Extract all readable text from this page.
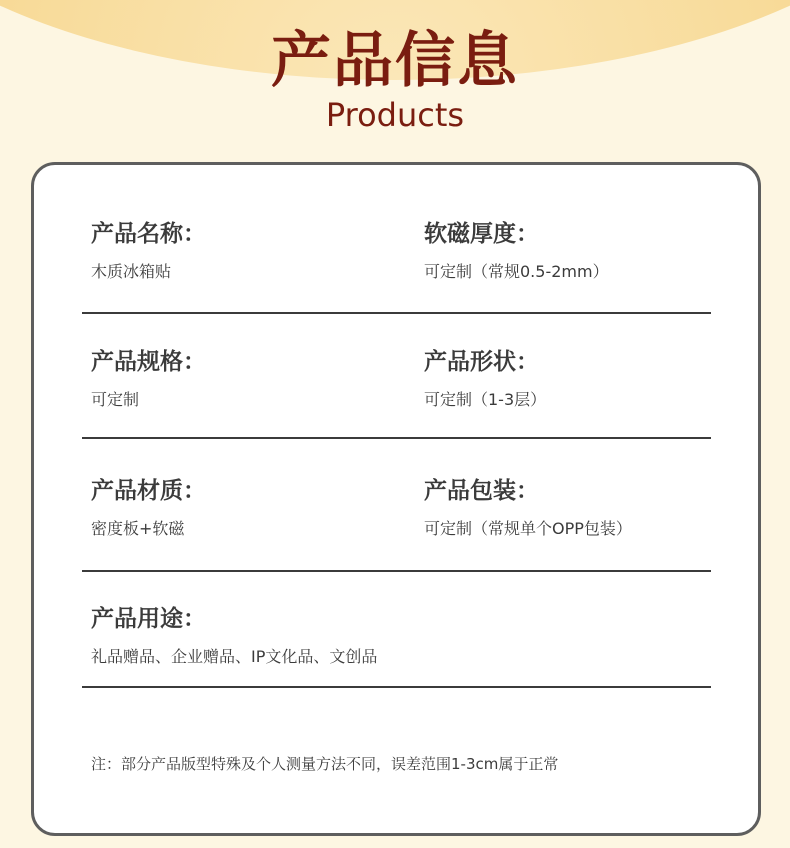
产品信息
Products
产品名称：
木质冰箱贴
软磁厚度：
可定制（常规0.5-2mm）
产品规格：
可定制
产品形状：
可定制（1-3层）
产品材质：
密度板+软磁
产品包装：
可定制（常规单个OPP包装）
产品用途：
礼品赠品、企业赠品、IP文化品、文创品
注：部分产品版型特殊及个人测量方法不同，误差范围1-3cm属于正常
